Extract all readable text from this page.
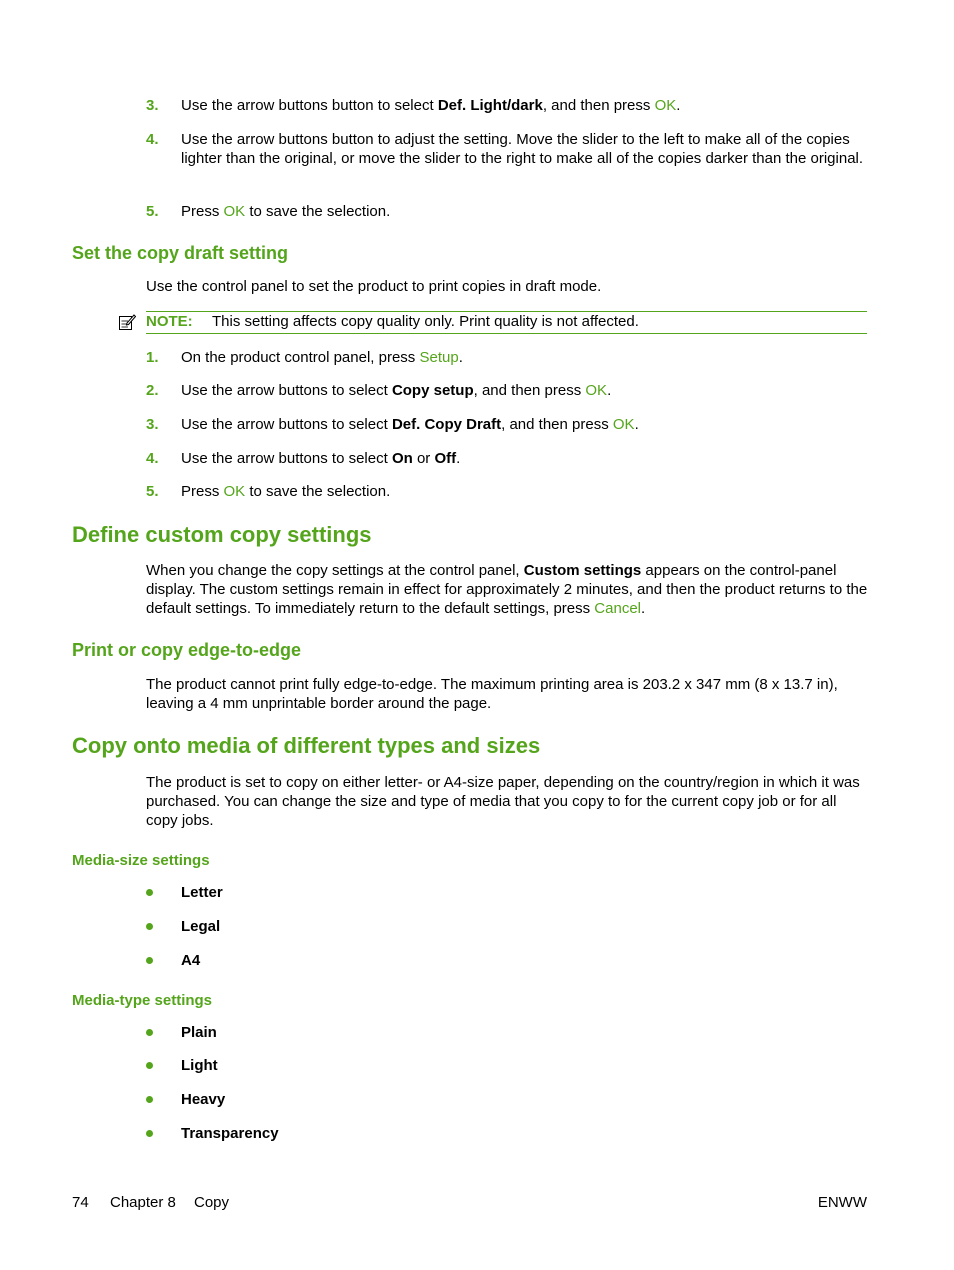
3. Use the arrow buttons button to select Def. Light/dark, and then press OK.
4. Use the arrow buttons button to adjust the setting. Move the slider to the left to make all of the copies lighter than the original, or move the slider to the right to make all of the copies darker than the original.
5. Press OK to save the selection.
Set the copy draft setting
Use the control panel to set the product to print copies in draft mode.
NOTE: This setting affects copy quality only. Print quality is not affected.
1. On the product control panel, press Setup.
2. Use the arrow buttons to select Copy setup, and then press OK.
3. Use the arrow buttons to select Def. Copy Draft, and then press OK.
4. Use the arrow buttons to select On or Off.
5. Press OK to save the selection.
Define custom copy settings
When you change the copy settings at the control panel, Custom settings appears on the control-panel display. The custom settings remain in effect for approximately 2 minutes, and then the product returns to the default settings. To immediately return to the default settings, press Cancel.
Print or copy edge-to-edge
The product cannot print fully edge-to-edge. The maximum printing area is 203.2 x 347 mm (8 x 13.7 in), leaving a 4 mm unprintable border around the page.
Copy onto media of different types and sizes
The product is set to copy on either letter- or A4-size paper, depending on the country/region in which it was purchased. You can change the size and type of media that you copy to for the current copy job or for all copy jobs.
Media-size settings
Letter
Legal
A4
Media-type settings
Plain
Light
Heavy
Transparency
74 Chapter 8 Copy	ENWW
